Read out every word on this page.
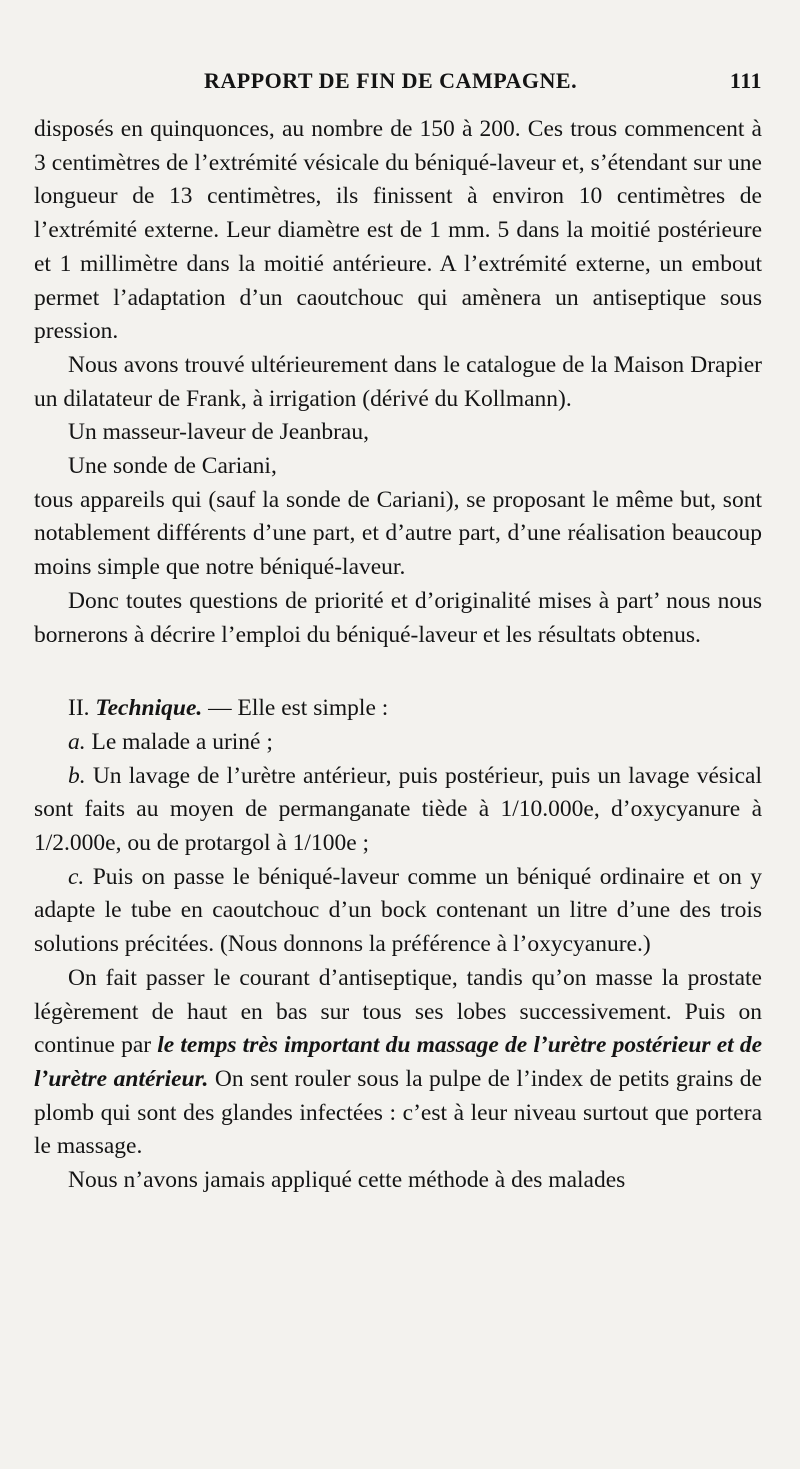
RAPPORT DE FIN DE CAMPAGNE.	111

disposés en quinquonces, au nombre de 150 à 200. Ces trous commencent à 3 centimètres de l’extrémité vésicale du béniqué-laveur et, s’étendant sur une longueur de 13 centimètres, ils finissent à environ 10 centimètres de l’extrémité externe. Leur diamètre est de 1 mm. 5 dans la moitié postérieure et 1 millimètre dans la moitié antérieure. A l’extrémité externe, un embout permet l’adaptation d’un caoutchouc qui amènera un antiseptique sous pression.

Nous avons trouvé ultérieurement dans le catalogue de la Maison Drapier un dilatateur de Frank, à irrigation (dérivé du Kollmann).

Un masseur-laveur de Jeanbrau,

Une sonde de Cariani,

tous appareils qui (sauf la sonde de Cariani), se proposant le même but, sont notablement différents d’une part, et d’autre part, d’une réalisation beaucoup moins simple que notre béniqué-laveur.

Donc toutes questions de priorité et d’originalité mises à part’ nous nous bornerons à décrire l’emploi du béniqué-laveur et les résultats obtenus.

II. Technique. — Elle est simple :

a. Le malade a uriné ;

b. Un lavage de l’urètre antérieur, puis postérieur, puis un lavage vésical sont faits au moyen de permanganate tiède à 1/10.000e, d’oxycyanure à 1/2.000e, ou de protargol à 1/100e ;

c. Puis on passe le béniqué-laveur comme un béniqué ordinaire et on y adapte le tube en caoutchouc d’un bock contenant un litre d’une des trois solutions précitées. (Nous donnons la préférence à l’oxycyanure.)

On fait passer le courant d’antiseptique, tandis qu’on masse la prostate légèrement de haut en bas sur tous ses lobes successivement. Puis on continue par le temps très important du massage de l’urètre postérieur et de l’urètre antérieur. On sent rouler sous la pulpe de l’index de petits grains de plomb qui sont des glandes infectées : c’est à leur niveau surtout que portera le massage.

Nous n’avons jamais appliqué cette méthode à des malades
